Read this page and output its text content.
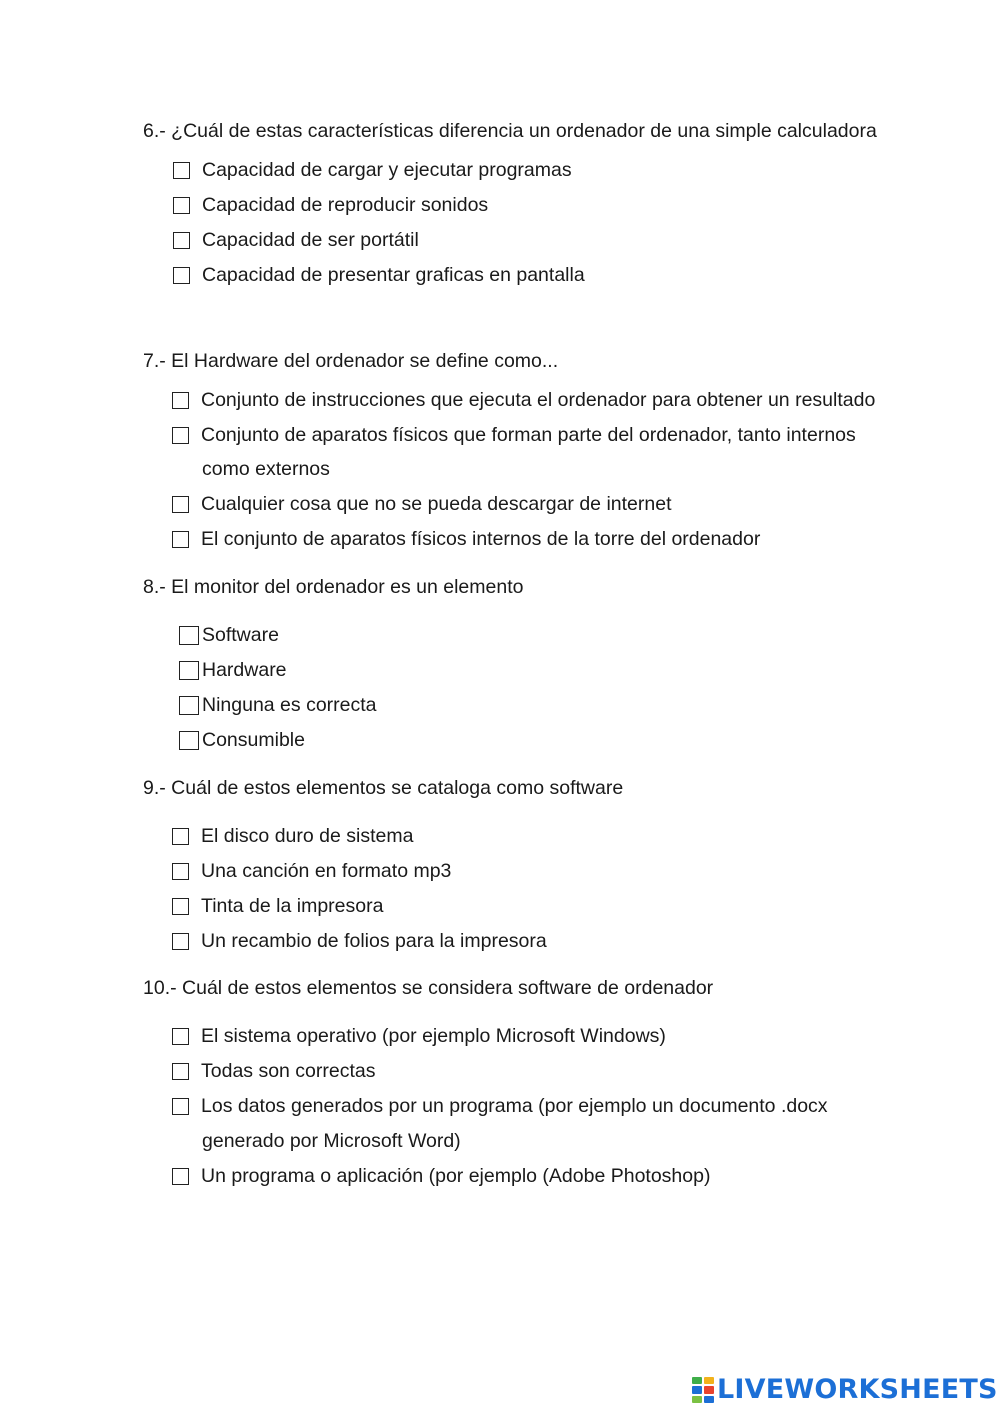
6.- ¿Cuál de estas características diferencia un ordenador de una simple calculadora
Capacidad de cargar y ejecutar programas
Capacidad de reproducir sonidos
Capacidad de ser portátil
Capacidad de presentar graficas en pantalla
7.- El Hardware del ordenador se define como...
Conjunto de instrucciones que ejecuta el ordenador para obtener un resultado
Conjunto de aparatos físicos que forman parte del ordenador, tanto internos
como externos
Cualquier cosa que no se pueda descargar de internet
El conjunto de aparatos físicos internos de la torre del ordenador
8.- El monitor del ordenador es un elemento
Software
Hardware
Ninguna es correcta
Consumible
9.- Cuál de estos elementos se cataloga como software
El disco duro de sistema
Una canción en formato mp3
Tinta de la impresora
Un recambio de folios para la impresora
10.- Cuál de estos elementos se considera software de ordenador
El sistema operativo (por ejemplo Microsoft Windows)
Todas son correctas
Los datos generados por un programa (por ejemplo un documento .docx
generado por Microsoft Word)
Un programa o aplicación (por ejemplo (Adobe Photoshop)
LIVEWORKSHEETS
